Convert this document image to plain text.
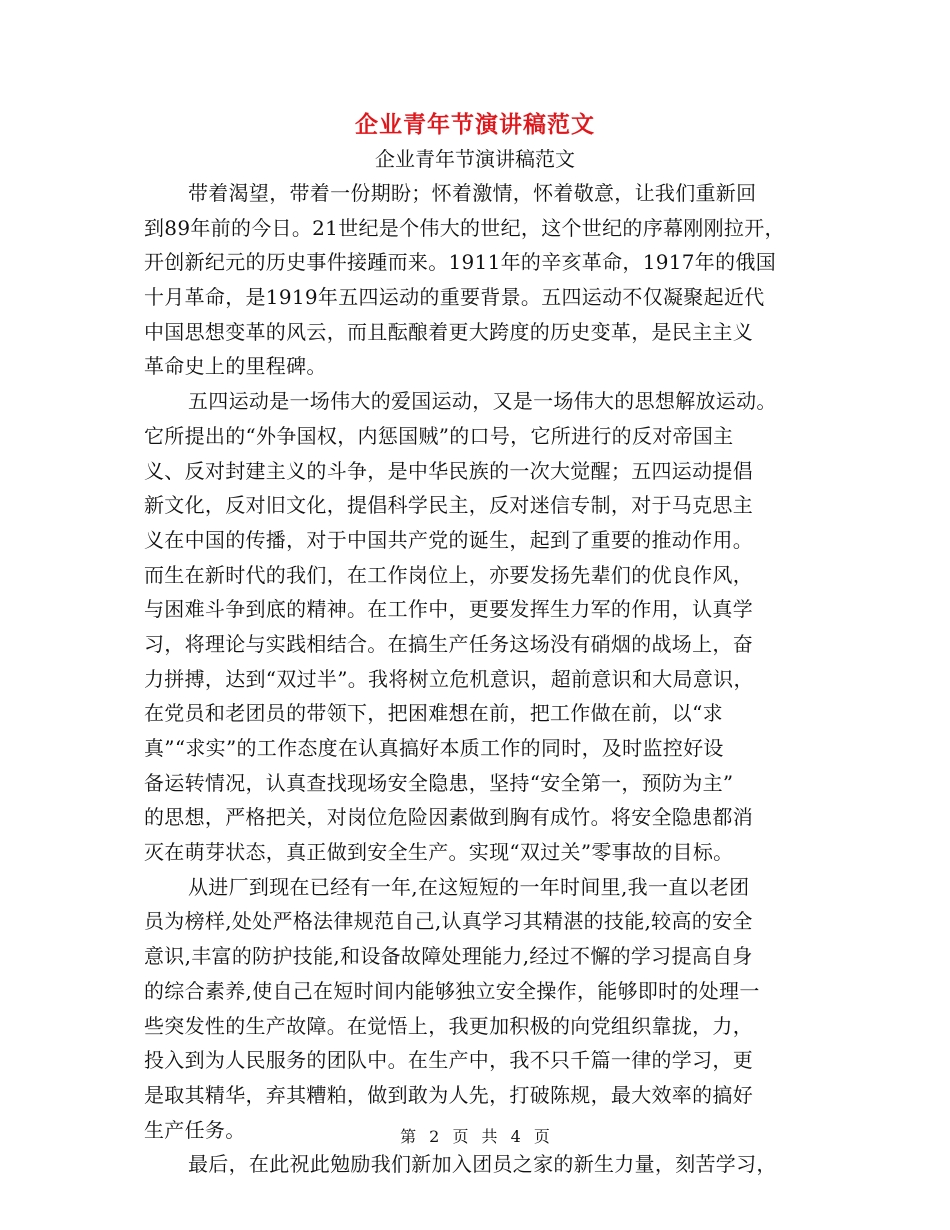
企业青年节演讲稿范文
企业青年节演讲稿范文
带着渴望，带着一份期盼；怀着激情，怀着敬意，让我们重新回
到89年前的今日。21世纪是个伟大的世纪，这个世纪的序幕刚刚拉开，
开创新纪元的历史事件接踵而来。1911年的辛亥革命，1917年的俄国
十月革命，是1919年五四运动的重要背景。五四运动不仅凝聚起近代
中国思想变革的风云，而且酝酿着更大跨度的历史变革，是民主主义
革命史上的里程碑。
五四运动是一场伟大的爱国运动，又是一场伟大的思想解放运动。
它所提出的“外争国权，内惩国贼”的口号，它所进行的反对帝国主
义、反对封建主义的斗争，是中华民族的一次大觉醒；五四运动提倡
新文化，反对旧文化，提倡科学民主，反对迷信专制，对于马克思主
义在中国的传播，对于中国共产党的诞生，起到了重要的推动作用。
而生在新时代的我们，在工作岗位上，亦要发扬先辈们的优良作风，
与困难斗争到底的精神。在工作中，更要发挥生力军的作用，认真学
习，将理论与实践相结合。在搞生产任务这场没有硝烟的战场上，奋
力拼搏，达到“双过半”。我将树立危机意识，超前意识和大局意识，
在党员和老团员的带领下，把困难想在前，把工作做在前，以“求
真”“求实”的工作态度在认真搞好本质工作的同时，及时监控好设
备运转情况，认真查找现场安全隐患，坚持“安全第一，预防为主”
的思想，严格把关，对岗位危险因素做到胸有成竹。将安全隐患都消
灭在萌芽状态，真正做到安全生产。实现“双过关”零事故的目标。
从进厂到现在已经有一年,在这短短的一年时间里,我一直以老团
员为榜样,处处严格法律规范自己,认真学习其精湛的技能,较高的安全
意识,丰富的防护技能,和设备故障处理能力,经过不懈的学习提高自身
的综合素养,使自己在短时间内能够独立安全操作，能够即时的处理一
些突发性的生产故障。在觉悟上，我更加积极的向党组织靠拢，力，
投入到为人民服务的团队中。在生产中，我不只千篇一律的学习，更
是取其精华，弃其糟粕，做到敢为人先，打破陈规，最大效率的搞好
生产任务。
最后，在此祝此勉励我们新加入团员之家的新生力量，刻苦学习，
第 2 页 共 4 页
